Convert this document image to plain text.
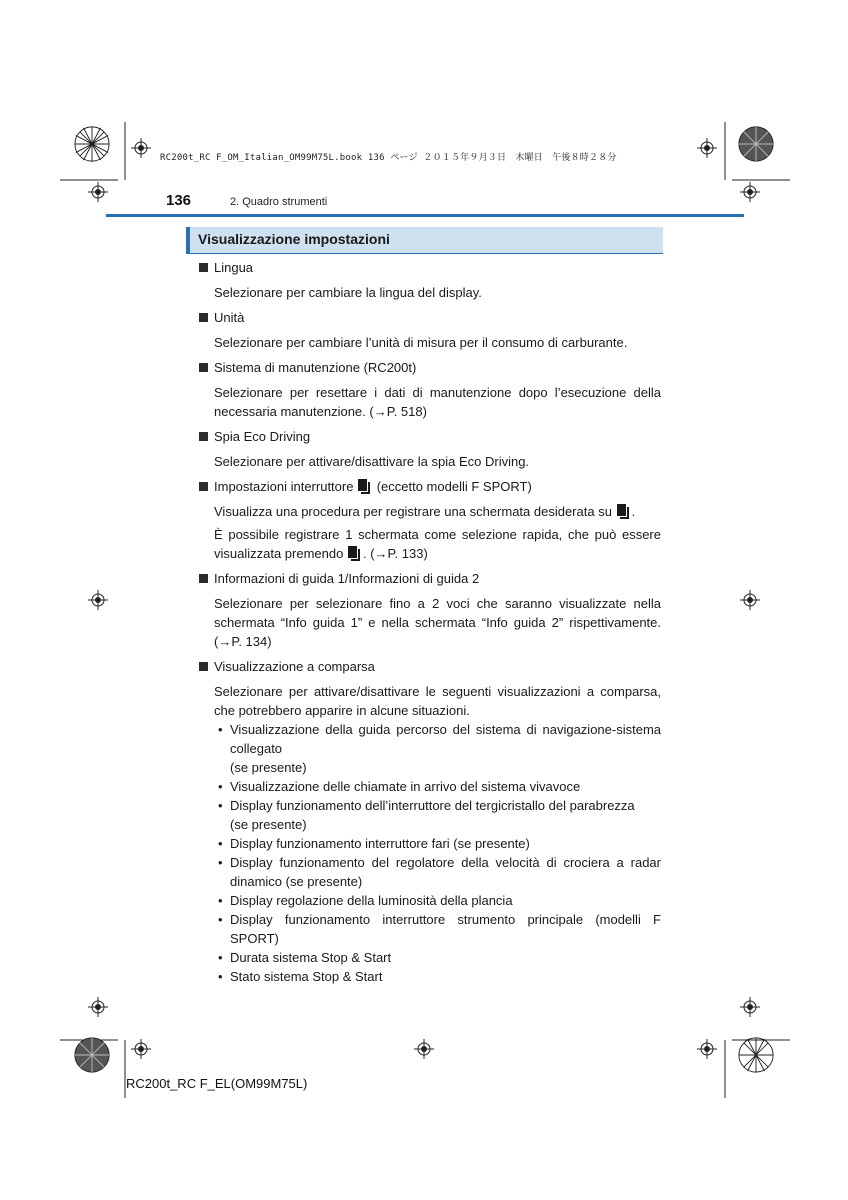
RC200t_RC F_OM_Italian_OM99M75L.book 136 ページ ２０１５年９月３日　木曜日　午後８時２８分
136	2. Quadro strumenti
Visualizzazione impostazioni
Lingua
Selezionare per cambiare la lingua del display.
Unità
Selezionare per cambiare l’unità di misura per il consumo di carburante.
Sistema di manutenzione (RC200t)
Selezionare per resettare i dati di manutenzione dopo l’esecuzione della necessaria manutenzione. (→P. 518)
Spia Eco Driving
Selezionare per attivare/disattivare la spia Eco Driving.
Impostazioni interruttore (eccetto modelli F SPORT)
Visualizza una procedura per registrare una schermata desiderata su .
È possibile registrare 1 schermata come selezione rapida, che può essere visualizzata premendo . (→P. 133)
Informazioni di guida 1/Informazioni di guida 2
Selezionare per selezionare fino a 2 voci che saranno visualizzate nella schermata “Info guida 1” e nella schermata “Info guida 2” rispettivamente. (→P. 134)
Visualizzazione a comparsa
Selezionare per attivare/disattivare le seguenti visualizzazioni a comparsa, che potrebbero apparire in alcune situazioni.
• Visualizzazione della guida percorso del sistema di navigazione-sistema collegato
(se presente)
• Visualizzazione delle chiamate in arrivo del sistema vivavoce
• Display funzionamento dell’interruttore del tergicristallo del parabrezza
(se presente)
• Display funzionamento interruttore fari (se presente)
• Display funzionamento del regolatore della velocità di crociera a radar dinamico (se presente)
• Display regolazione della luminosità della plancia
• Display funzionamento interruttore strumento principale (modelli F SPORT)
• Durata sistema Stop & Start
• Stato sistema Stop & Start
RC200t_RC F_EL(OM99M75L)
